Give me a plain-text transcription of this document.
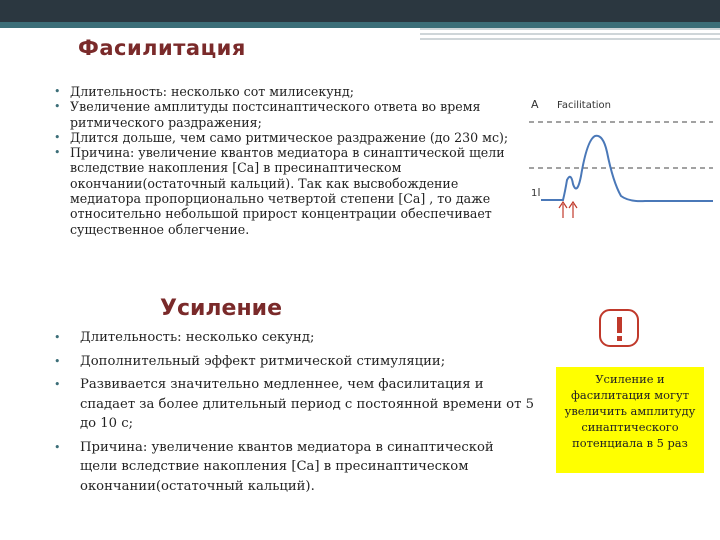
Фасилитация
• Длительность: несколько сот милисекунд;
• Увеличение амплитуды постсинаптического ответа во время ритмического раздражения;
• Длится дольше, чем само ритмическое раздражение (до 230 мс);
• Причина: увеличение квантов медиатора в синаптической щели вследствие накопления [Ca] в пресинаптическом окончании(остаточный кальций). Так как высвобождение медиатора пропорционально четвертой степени [Ca] , то даже относительно небольшой прирост концентрации обеспечивает существенное облегчение.
A Facilitation
1
Усиление
• Длительность: несколько секунд;
• Дополнительный эффект ритмической стимуляции;
• Развивается значительно медленнее, чем фасилитация и спадает за более длительный период с постоянной времени от 5 до 10 с;
• Причина: увеличение квантов медиатора в синаптической щели вследствие накопления [Ca] в пресинаптическом окончании(остаточный кальций).
Усиление и фасилитация могут увеличить амплитуду синаптического потенциала в 5 раз
